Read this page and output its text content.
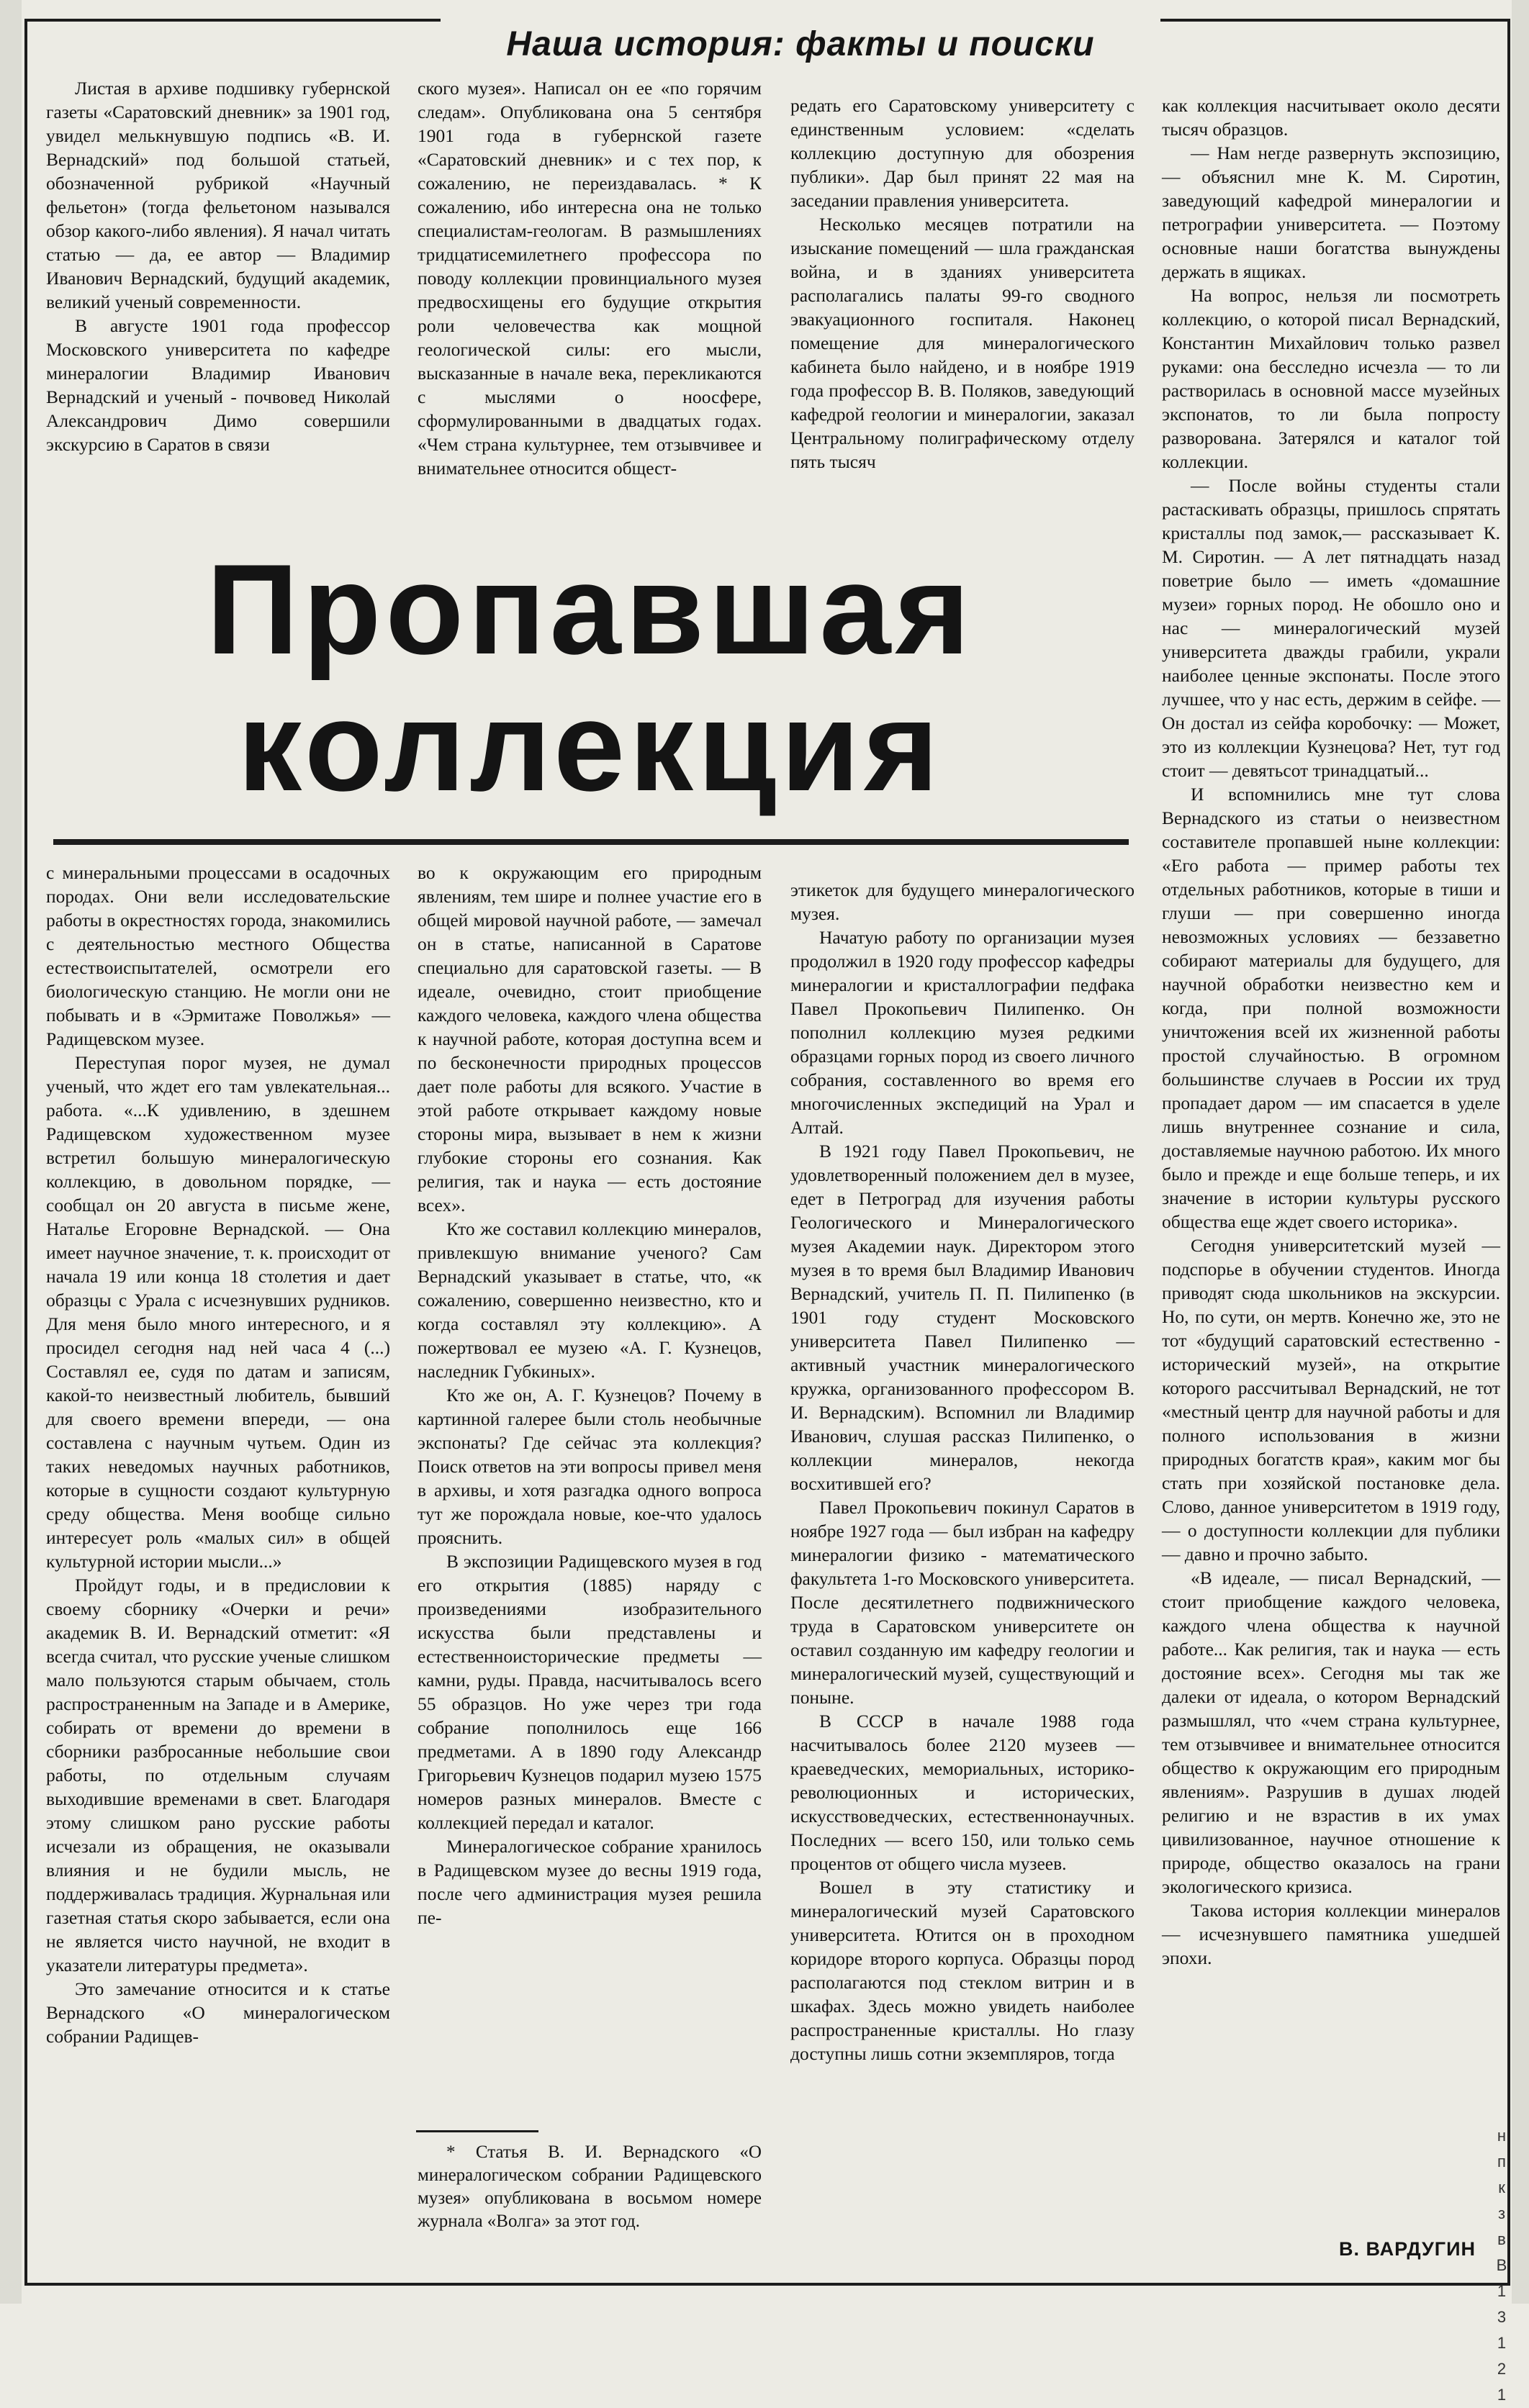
Наша история: факты и поиски

Листая в архиве подшивку губернской газеты «Саратовский дневник» за 1901 год, увидел мелькнувшую подпись «В. И. Вернадский» под большой статьей, обозначенной рубрикой «Научный фельетон» (тогда фельетоном назывался обзор какого-либо явления). Я начал читать статью — да, ее автор — Владимир Иванович Вернадский, будущий академик, великий ученый современности.

В августе 1901 года профессор Московского университета по кафедре минералогии Владимир Иванович Вернадский и ученый - почвовед Николай Александрович Димо совершили экскурсию в Саратов в связи

ского музея». Написал он ее «по горячим следам». Опубликована она 5 сентября 1901 года в губернской газете «Саратовский дневник» и с тех пор, к сожалению, не переиздавалась. * К сожалению, ибо интересна она не только специалистам-геологам. В размышлениях тридцатисемилетнего профессора по поводу коллекции провинциального музея предвосхищены его будущие открытия роли человечества как мощной геологической силы: его мысли, высказанные в начале века, перекликаются с мыслями о ноосфере, сформулированными в двадцатых годах. «Чем страна культурнее, тем отзывчивее и внимательнее относится общест-

редать его Саратовскому университету с единственным условием: «сделать коллекцию доступную для обозрения публики». Дар был принят 22 мая на заседании правления университета.

Несколько месяцев потратили на изыскание помещений — шла гражданская война, и в зданиях университета располагались палаты 99-го сводного эвакуационного госпиталя. Наконец помещение для минералогического кабинета было найдено, и в ноябре 1919 года профессор В. В. Поляков, заведующий кафедрой геологии и минералогии, заказал Центральному полиграфическому отделу пять тысяч

Пропавшая
коллекция

как коллекция насчитывает около десяти тысяч образцов.

— Нам негде развернуть экспозицию, — объяснил мне К. М. Сиротин, заведующий кафедрой минералогии и петрографии университета. — Поэтому основные наши богатства вынуждены держать в ящиках.

На вопрос, нельзя ли посмотреть коллекцию, о которой писал Вернадский, Константин Михайлович только развел руками: она бесследно исчезла — то ли растворилась в основной массе музейных экспонатов, то ли была попросту разворована. Затерялся и каталог той коллекции.

— После войны студенты стали растаскивать образцы, пришлось спрятать кристаллы под замок,— рассказывает К. М. Сиротин. — А лет пятнадцать назад поветрие было — иметь «домашние музеи» горных пород. Не обошло оно и нас — минералогический музей университета дважды грабили, украли наиболее ценные экспонаты. После этого лучшее, что у нас есть, держим в сейфе. — Он достал из сейфа коробочку: — Может, это из коллекции Кузнецова? Нет, тут год стоит — девятьсот тринадцатый...

И вспомнились мне тут слова Вернадского из статьи о неизвестном составителе пропавшей ныне коллекции: «Его работа — пример работы тех отдельных работников, которые в тиши и глуши — при совершенно иногда невозможных условиях — беззаветно собирают материалы для будущего, для научной обработки неизвестно кем и когда, при полной возможности уничтожения всей их жизненной работы простой случайностью. В огромном большинстве случаев в России их труд пропадает даром — им спасается в уделе лишь внутреннее сознание и сила, доставляемые научною работою. Их много было и прежде и еще больше теперь, и их значение в истории культуры русского общества еще ждет своего историка».

Сегодня университетский музей — подспорье в обучении студентов. Иногда приводят сюда школьников на экскурсии. Но, по сути, он мертв. Конечно же, это не тот «будущий саратовский естественно - исторический музей», на открытие которого рассчитывал Вернадский, не тот «местный центр для научной работы и для полного использования в жизни природных богатств края», каким мог бы стать при хозяйской постановке дела. Слово, данное университетом в 1919 году,— о доступности коллекции для публики — давно и прочно забыто.

«В идеале, — писал Вернадский, — стоит приобщение каждого человека, каждого члена общества к научной работе... Как религия, так и наука — есть достояние всех». Сегодня мы так же далеки от идеала, о котором Вернадский размышлял, что «чем страна культурнее, тем отзывчивее и внимательнее относится общество к окружающим его природным явлениям». Разрушив в душах людей религию и не взрастив в их умах цивилизованное, научное отношение к природе, общество оказалось на грани экологического кризиса.

Такова история коллекции минералов — исчезнувшего памятника ушедшей эпохи.

с минеральными процессами в осадочных породах. Они вели исследовательские работы в окрестностях города, знакомились с деятельностью местного Общества естествоиспытателей, осмотрели его биологическую станцию. Не могли они не побывать и в «Эрмитаже Поволжья» — Радищевском музее.

Переступая порог музея, не думал ученый, что ждет его там увлекательная... работа. «...К удивлению, в здешнем Радищевском художественном музее встретил большую минералогическую коллекцию, в довольном порядке, — сообщал он 20 августа в письме жене, Наталье Егоровне Вернадской. — Она имеет научное значение, т. к. происходит от начала 19 или конца 18 столетия и дает образцы с Урала с исчезнувших рудников. Для меня было много интересного, и я просидел сегодня над ней часа 4 (...) Составлял ее, судя по датам и записям, какой-то неизвестный любитель, бывший для своего времени впереди, — она составлена с научным чутьем. Один из таких неведомых научных работников, которые в сущности создают культурную среду общества. Меня вообще сильно интересует роль «малых сил» в общей культурной истории мысли...»

Пройдут годы, и в предисловии к своему сборнику «Очерки и речи» академик В. И. Вернадский отметит: «Я всегда считал, что русские ученые слишком мало пользуются старым обычаем, столь распространенным на Западе и в Америке, собирать от времени до времени в сборники разбросанные небольшие свои работы, по отдельным случаям выходившие временами в свет. Благодаря этому слишком рано русские работы исчезали из обращения, не оказывали влияния и не будили мысль, не поддерживалась традиция. Журнальная или газетная статья скоро забывается, если она не является чисто научной, не входит в указатели литературы предмета».

Это замечание относится и к статье Вернадского «О минералогическом собрании Радищев-

во к окружающим его природным явлениям, тем шире и полнее участие его в общей мировой научной работе, — замечал он в статье, написанной в Саратове специально для саратовской газеты. — В идеале, очевидно, стоит приобщение каждого человека, каждого члена общества к научной работе, которая доступна всем и по бесконечности природных процессов дает поле работы для всякого. Участие в этой работе открывает каждому новые стороны мира, вызывает в нем к жизни глубокие стороны его сознания. Как религия, так и наука — есть достояние всех».

Кто же составил коллекцию минералов, привлекшую внимание ученого? Сам Вернадский указывает в статье, что, «к сожалению, совершенно неизвестно, кто и когда составлял эту коллекцию». А пожертвовал ее музею «А. Г. Кузнецов, наследник Губкиных».

Кто же он, А. Г. Кузнецов? Почему в картинной галерее были столь необычные экспонаты? Где сейчас эта коллекция? Поиск ответов на эти вопросы привел меня в архивы, и хотя разгадка одного вопроса тут же порождала новые, кое-что удалось прояснить.

В экспозиции Радищевского музея в год его открытия (1885) наряду с произведениями изобразительного искусства были представлены и естественноисторические предметы — камни, руды. Правда, насчитывалось всего 55 образцов. Но уже через три года собрание пополнилось еще 166 предметами. А в 1890 году Александр Григорьевич Кузнецов подарил музею 1575 номеров разных минералов. Вместе с коллекцией передал и каталог.

Минералогическое собрание хранилось в Радищевском музее до весны 1919 года, после чего администрация музея решила пе-

* Статья В. И. Вернадского «О минералогическом собрании Радищевского музея» опубликована в восьмом номере журнала «Волга» за этот год.

этикеток для будущего минералогического музея.

Начатую работу по организации музея продолжил в 1920 году профессор кафедры минералогии и кристаллографии педфака Павел Прокопьевич Пилипенко. Он пополнил коллекцию музея редкими образцами горных пород из своего личного собрания, составленного во время его многочисленных экспедиций на Урал и Алтай.

В 1921 году Павел Прокопьевич, не удовлетворенный положением дел в музее, едет в Петроград для изучения работы Геологического и Минералогического музея Академии наук. Директором этого музея в то время был Владимир Иванович Вернадский, учитель П. П. Пилипенко (в 1901 году студент Московского университета Павел Пилипенко — активный участник минералогического кружка, организованного профессором В. И. Вернадским). Вспомнил ли Владимир Иванович, слушая рассказ Пилипенко, о коллекции минералов, некогда восхитившей его?

Павел Прокопьевич покинул Саратов в ноябре 1927 года — был избран на кафедру минералогии физико - математического факультета 1-го Московского университета. После десятилетнего подвижнического труда в Саратовском университете он оставил созданную им кафедру геологии и минералогический музей, существующий и поныне.

В СССР в начале 1988 года насчитывалось более 2120 музеев — краеведческих, мемориальных, историко-революционных и исторических, искусствоведческих, естественнонаучных. Последних — всего 150, или только семь процентов от общего числа музеев.

Вошел в эту статистику и минералогический музей Саратовского университета. Ютится он в проходном коридоре второго корпуса. Образцы пород располагаются под стеклом витрин и в шкафах. Здесь можно увидеть наиболее распространенные кристаллы. Но глазу доступны лишь сотни экземпляров, тогда

В. ВАРДУГИН
н п к з в В 13 1 21
